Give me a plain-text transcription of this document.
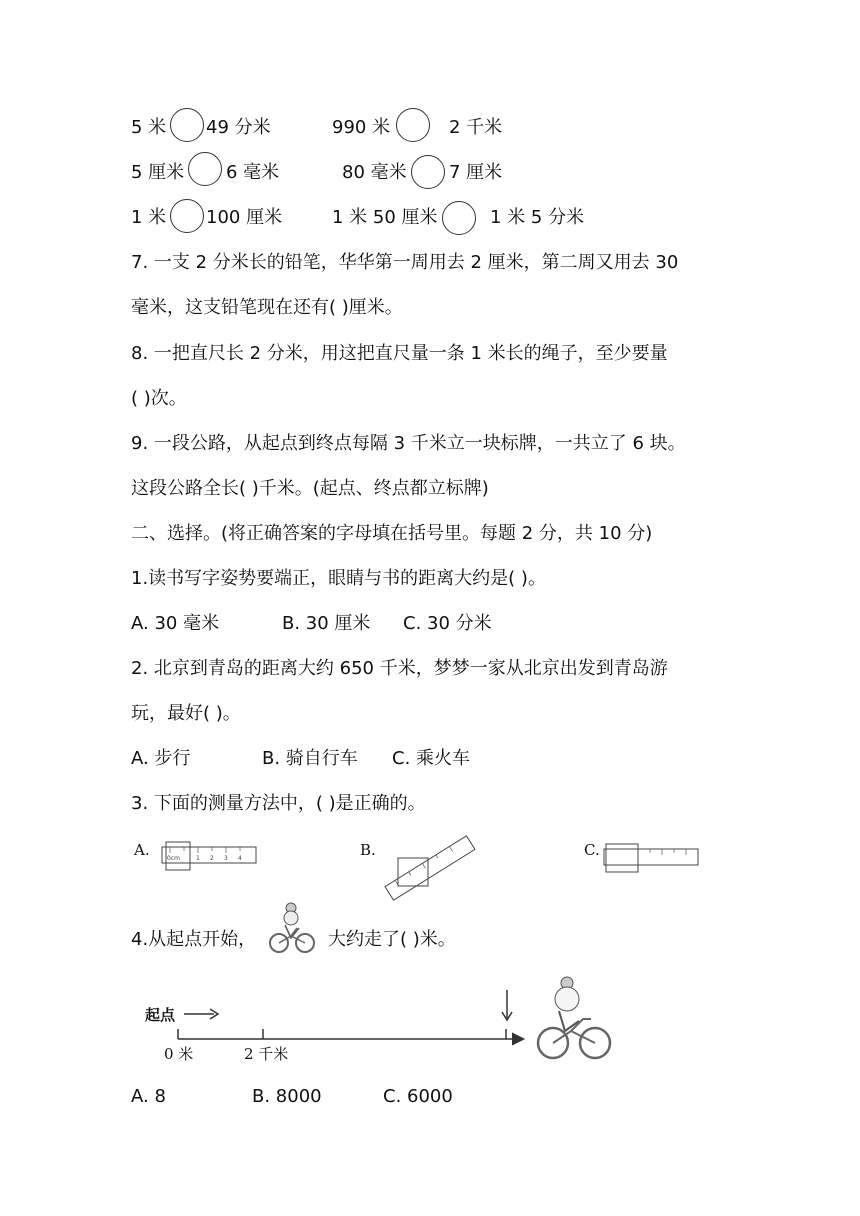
5 米 49 分米	990 米	2 千米
5 厘米 6 毫米	80 毫米 7 厘米
1 米 100 厘米	1 米 50 厘米	1 米 5 分米
7. 一支 2 分米长的铅笔，华华第一周用去 2 厘米，第二周又用去 30
毫米，这支铅笔现在还有( )厘米。
8. 一把直尺长 2 分米，用这把直尺量一条 1 米长的绳子，至少要量
( )次。
9. 一段公路，从起点到终点每隔 3 千米立一块标牌，一共立了 6 块。
这段公路全长( )千米。(起点、终点都立标牌)
二、选择。(将正确答案的字母填在括号里。每题 2 分，共 10 分)
1.读书写字姿势要端正，眼睛与书的距离大约是( )。
A. 30 毫米	B. 30 厘米 C. 30 分米
2. 北京到青岛的距离大约 650 千米，梦梦一家从北京出发到青岛游
玩，最好( )。
A. 步行	B. 骑自行车 C. 乘火车
3. 下面的测量方法中，( )是正确的。
A.	0cm	1 2 3 4	B.	C.
4.从起点开始，	大约走了( )米。
起点
0 米	2 千米
A. 8	B. 8000	C. 6000
